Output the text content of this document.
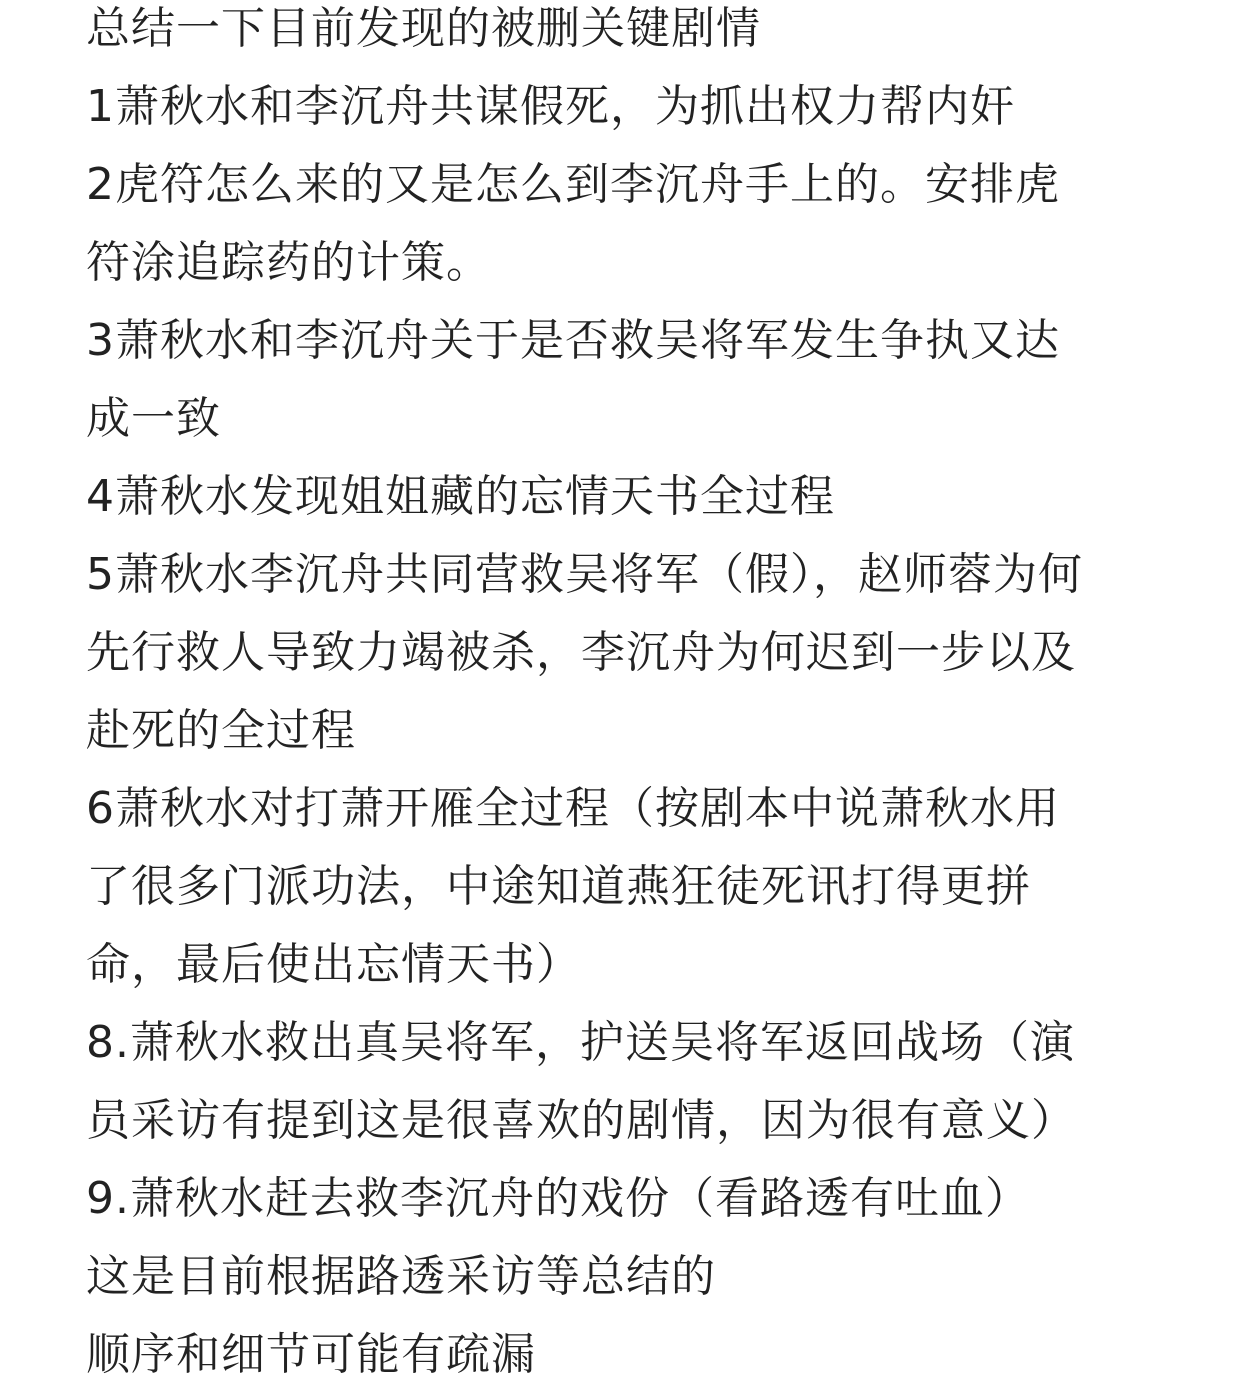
总结一下目前发现的被删关键剧情
1萧秋水和李沉舟共谋假死，为抓出权力帮内奸
2虎符怎么来的又是怎么到李沉舟手上的。安排虎
符涂追踪药的计策。
3萧秋水和李沉舟关于是否救吴将军发生争执又达
成一致
4萧秋水发现姐姐藏的忘情天书全过程
5萧秋水李沉舟共同营救吴将军（假），赵师蓉为何
先行救人导致力竭被杀，李沉舟为何迟到一步以及
赴死的全过程
6萧秋水对打萧开雁全过程（按剧本中说萧秋水用
了很多门派功法，中途知道燕狂徒死讯打得更拼
命，最后使出忘情天书）
8.萧秋水救出真吴将军，护送吴将军返回战场（演
员采访有提到这是很喜欢的剧情，因为很有意义）
9.萧秋水赶去救李沉舟的戏份（看路透有吐血）
这是目前根据路透采访等总结的
顺序和细节可能有疏漏
